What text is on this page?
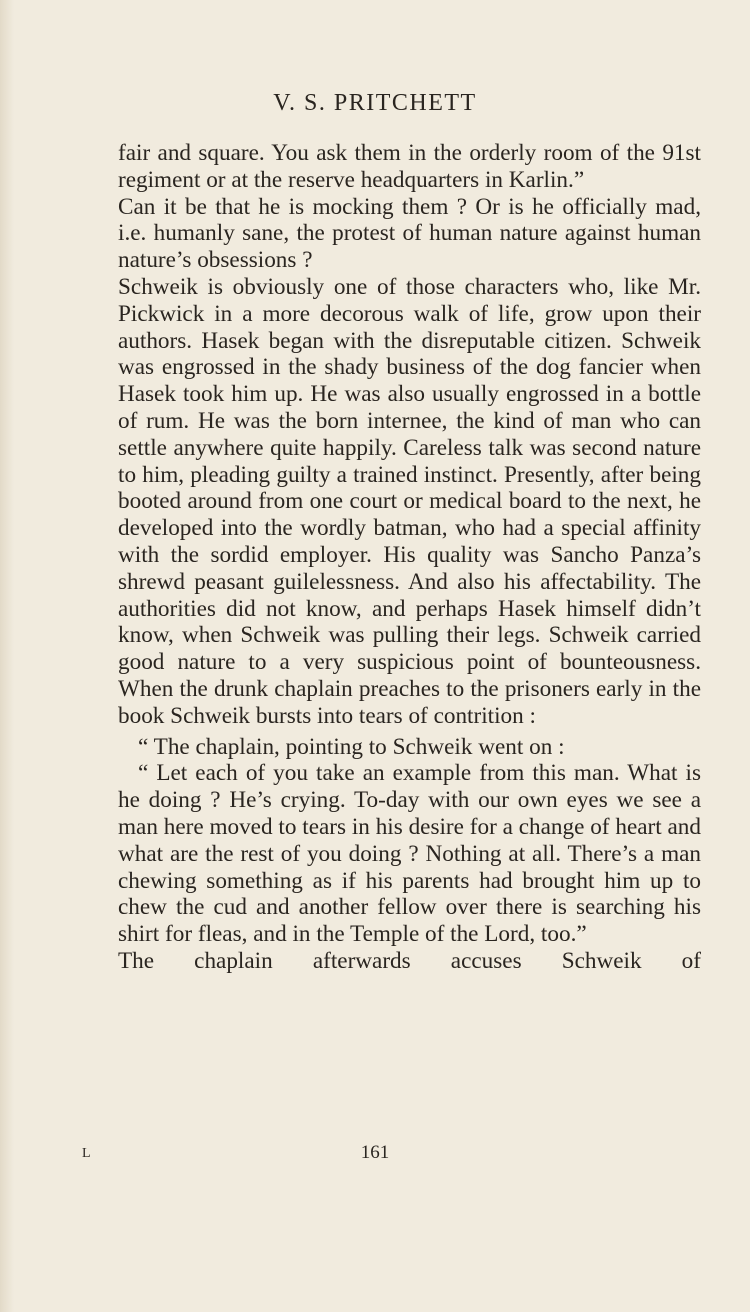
V. S. PRITCHETT

fair and square. You ask them in the orderly room of the 91st regiment or at the reserve headquarters in Karlin.”

Can it be that he is mocking them ? Or is he officially mad, i.e. humanly sane, the protest of human nature against human nature’s obsessions ?

Schweik is obviously one of those characters who, like Mr. Pickwick in a more decorous walk of life, grow upon their authors. Hasek began with the disreputable citizen. Schweik was engrossed in the shady business of the dog fancier when Hasek took him up. He was also usually engrossed in a bottle of rum. He was the born internee, the kind of man who can settle anywhere quite happily. Careless talk was second nature to him, pleading guilty a trained instinct. Presently, after being booted around from one court or medical board to the next, he developed into the wordly batman, who had a special affinity with the sordid employer. His quality was Sancho Panza’s shrewd peasant guilelessness. And also his affectability. The authorities did not know, and perhaps Hasek himself didn’t know, when Schweik was pulling their legs. Schweik carried good nature to a very suspicious point of bounteousness. When the drunk chaplain preaches to the prisoners early in the book Schweik bursts into tears of contrition :

“ The chaplain, pointing to Schweik went on :

“ Let each of you take an example from this man. What is he doing ? He’s crying. To-day with our own eyes we see a man here moved to tears in his desire for a change of heart and what are the rest of you doing ? Nothing at all. There’s a man chewing something as if his parents had brought him up to chew the cud and another fellow over there is searching his shirt for fleas, and in the Temple of the Lord, too.”

The chaplain afterwards accuses Schweik of

L	161
